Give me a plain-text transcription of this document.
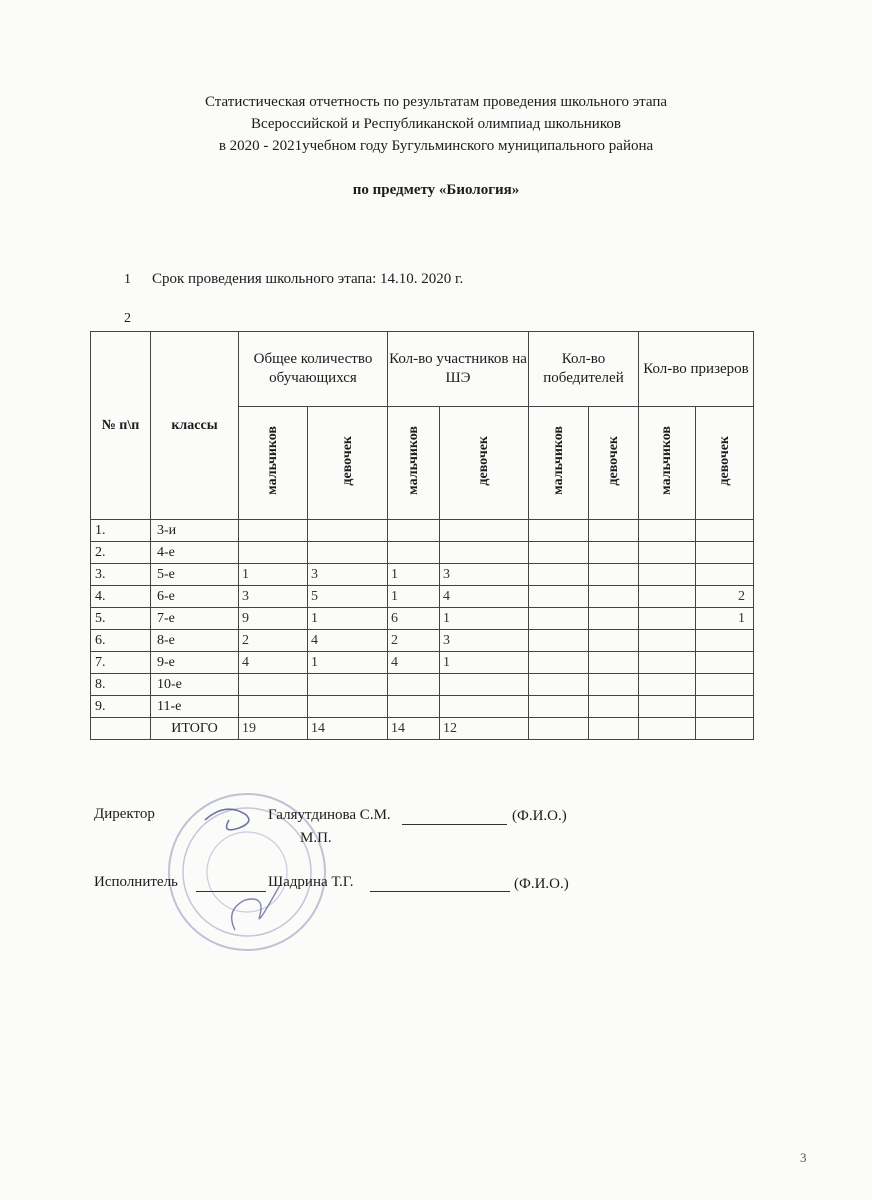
Статистическая отчетность по результатам проведения школьного этапа
Всероссийской и Республиканской олимпиад школьников
в 2020 - 2021учебном году Бугульминского муниципального района
по предмету «Биология»
1 Срок проведения школьного этапа: 14.10. 2020 г.
2
№ п\п	классы	Общее количество обучающихся		Кол-во участников на ШЭ		Кол-во победителей		Кол-во призеров	
		мальчиков	девочек	мальчиков	девочек	мальчиков	девочек	мальчиков	девочек
1.	3-и								
2.	4-е								
3.	5-е	1	3	1	3				
4.	6-е	3	5	1	4				2
5.	7-е	9	1	6	1				1
6.	8-е	2	4	2	3				
7.	9-е	4	1	4	1				
8.	10-е								
9.	11-е								
	ИТОГО	19	14	14	12				
Директор	Галяутдинова С.М.	(Ф.И.О.)
М.П.
Исполнитель	Шадрина Т.Г.	(Ф.И.О.)
3
